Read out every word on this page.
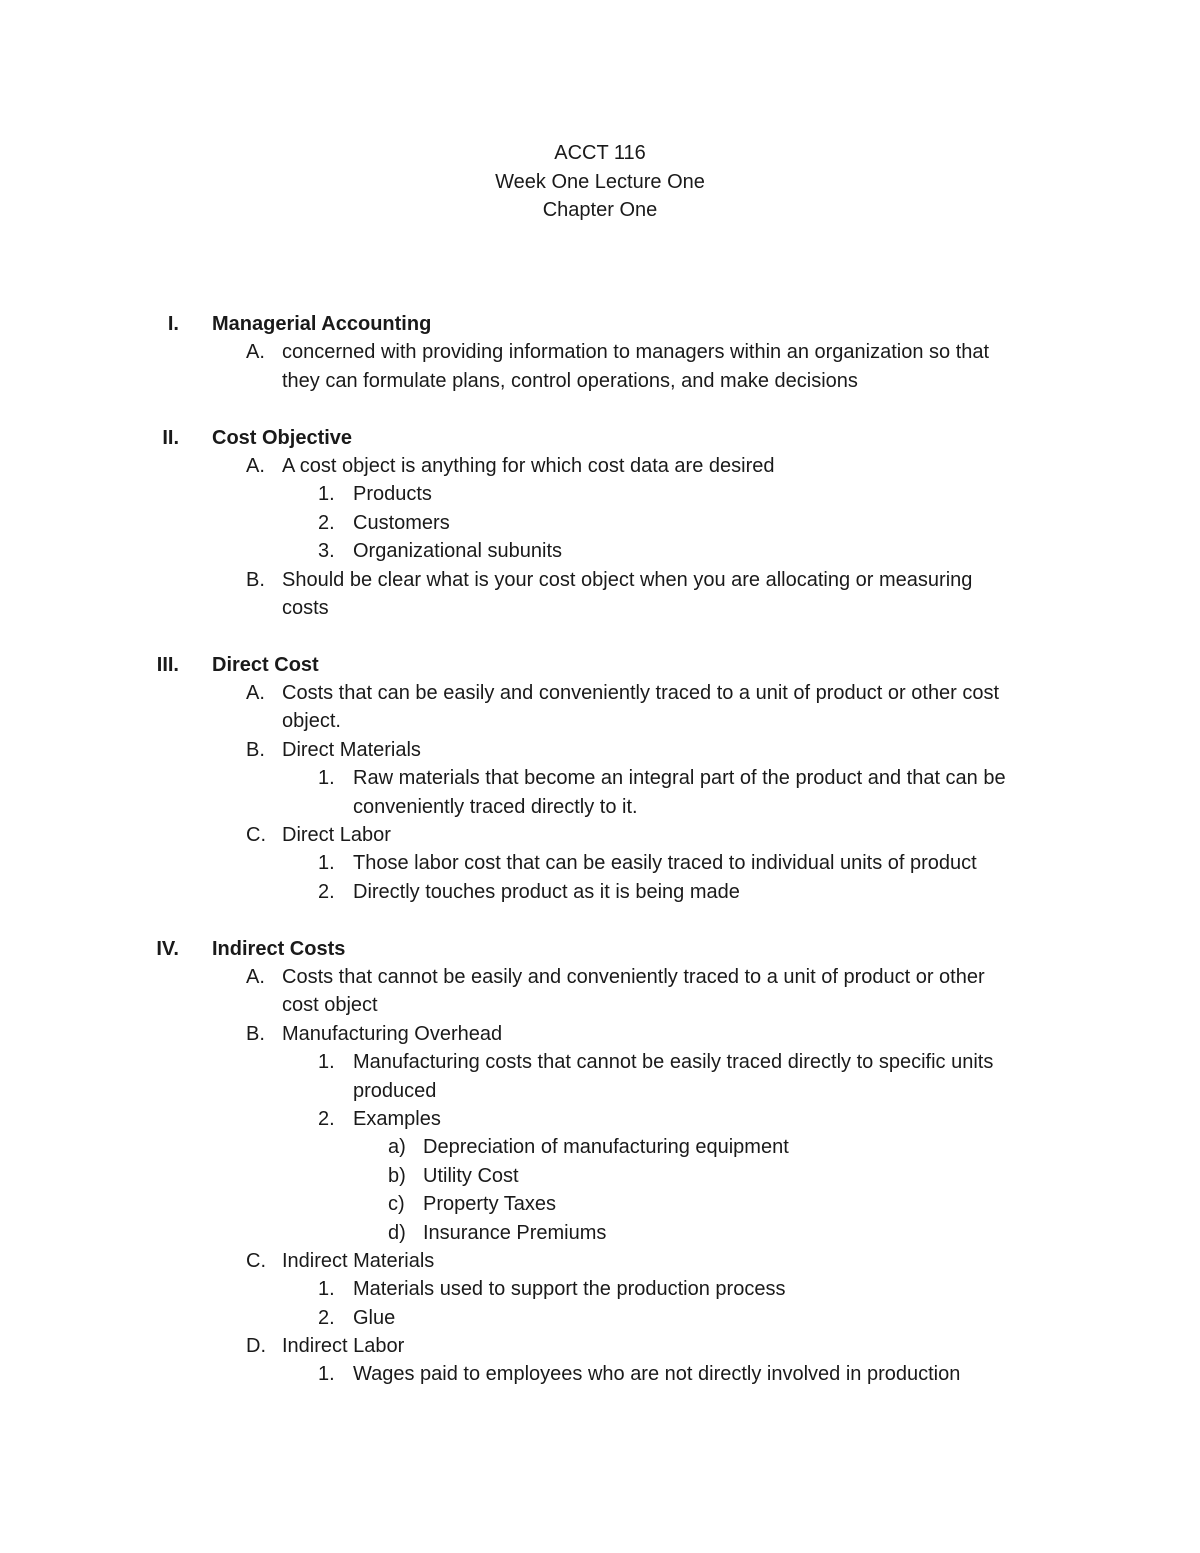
ACCT 116
Week One Lecture One
Chapter One
I. Managerial Accounting
A. concerned with providing information to managers within an organization so that
they can formulate plans, control operations, and make decisions
II. Cost Objective
A. A cost object is anything for which cost data are desired
1. Products
2. Customers
3. Organizational subunits
B. Should be clear what is your cost object when you are allocating or measuring
costs
III. Direct Cost
A. Costs that can be easily and conveniently traced to a unit of product or other cost
object.
B. Direct Materials
1. Raw materials that become an integral part of the product and that can be
conveniently traced directly to it.
C. Direct Labor
1. Those labor cost that can be easily traced to individual units of product
2. Directly touches product as it is being made
IV. Indirect Costs
A. Costs that cannot be easily and conveniently traced to a unit of product or other
cost object
B. Manufacturing Overhead
1. Manufacturing costs that cannot be easily traced directly to specific units
produced
2. Examples
a) Depreciation of manufacturing equipment
b) Utility Cost
c) Property Taxes
d) Insurance Premiums
C. Indirect Materials
1. Materials used to support the production process
2. Glue
D. Indirect Labor
1. Wages paid to employees who are not directly involved in production
